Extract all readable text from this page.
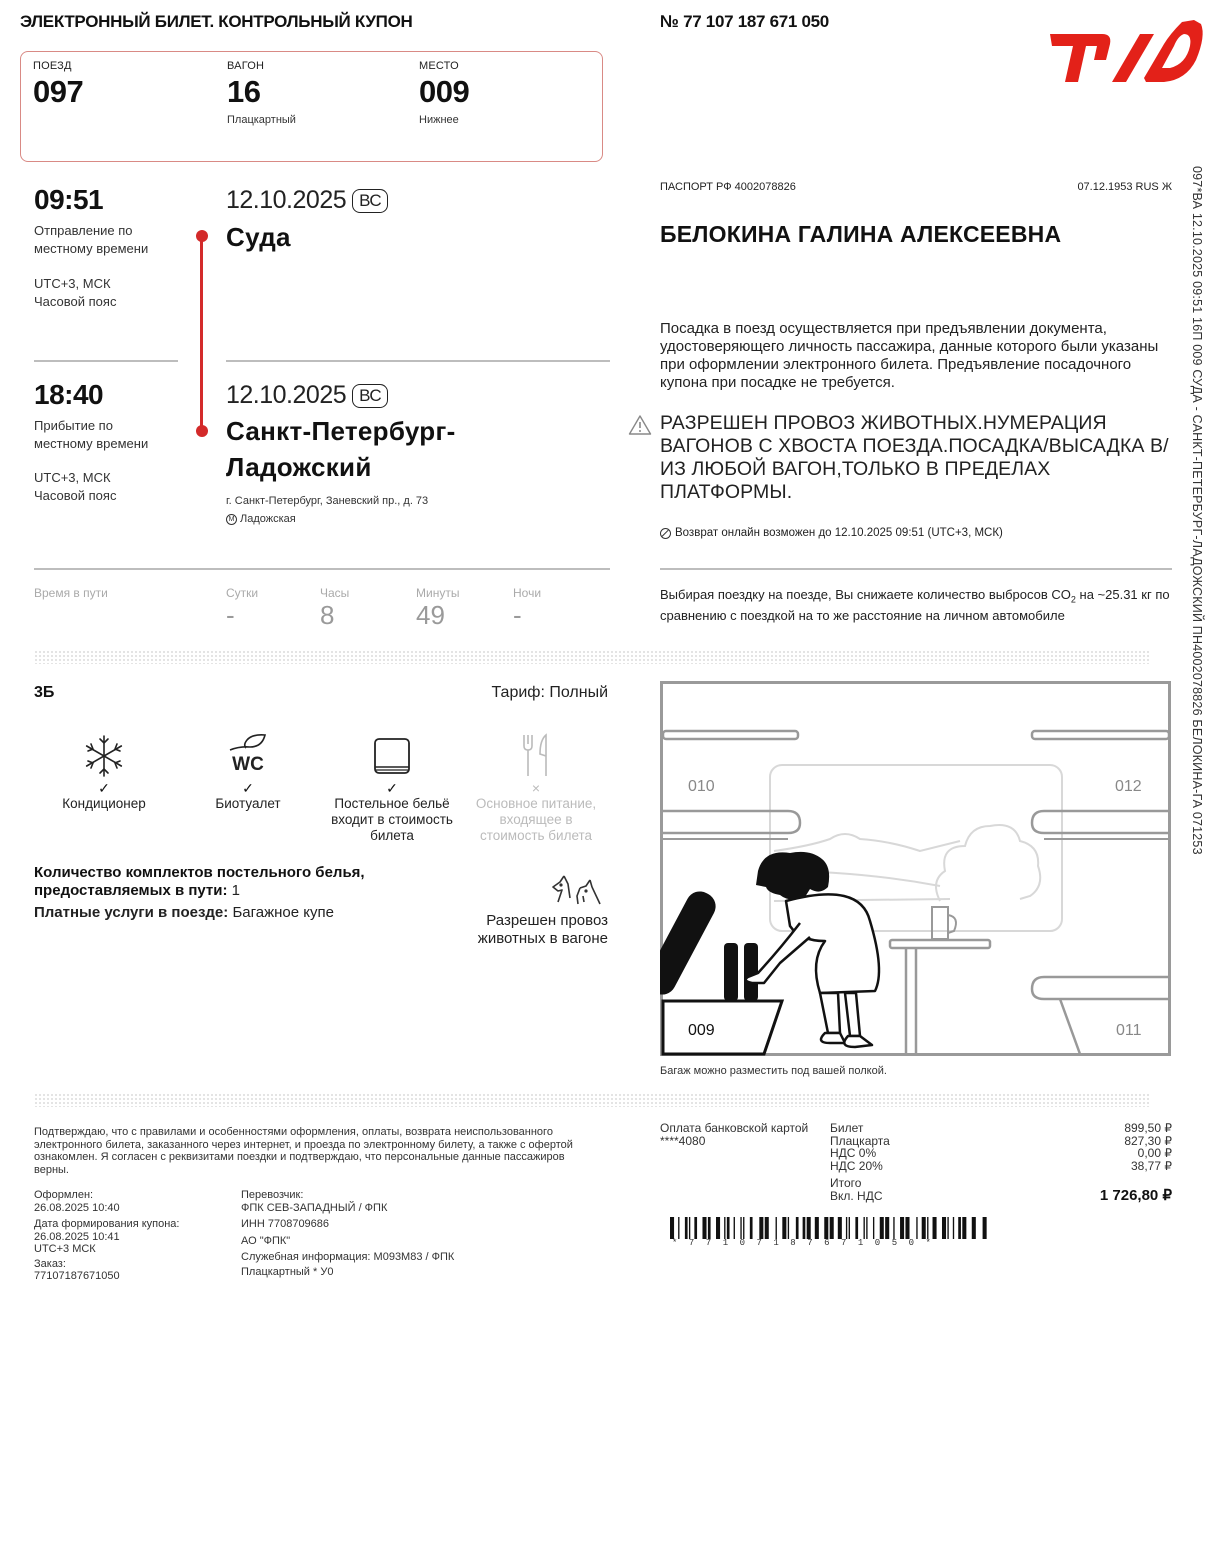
ЭЛЕКТРОННЫЙ БИЛЕТ. КОНТРОЛЬНЫЙ КУПОН	№ 77 107 187 671 050
ПОЕЗД
097
ВАГОН
16
Плацкартный
МЕСТО
009
Нижнее
09:51
Отправление по местному времени
UTC+3, МСК
Часовой пояс
12.10.2025 ВС
Суда
18:40
Прибытие по местному времени
UTC+3, МСК
Часовой пояс
12.10.2025 ВС
Санкт-Петербург-
Ладожский
г. Санкт-Петербург, Заневский пр., д. 73
M Ладожская
Время в пути	Сутки
-
Часы
8
Минуты
49
Ночи
-
ПАСПОРТ РФ 4002078826	07.12.1953 RUS Ж
БЕЛОКИНА ГАЛИНА АЛЕКСЕЕВНА
Посадка в поезд осуществляется при предъявлении документа, удостоверяющего личность пассажира, данные которого были указаны при оформлении электронного билета. Предъявление посадочного купона при посадке не требуется.
РАЗРЕШЕН ПРОВОЗ ЖИВОТНЫХ.НУМЕРАЦИЯ ВАГОНОВ С ХВОСТА ПОЕЗДА.ПОСАДКА/ВЫСАДКА В/ИЗ ЛЮБОЙ ВАГОН,ТОЛЬКО В ПРЕДЕЛАХ ПЛАТФОРМЫ.
Возврат онлайн возможен до 12.10.2025 09:51 (UTC+3, МСК)
Выбирая поездку на поезде, Вы снижаете количество выбросов $CO_2$ на ~25.31 кг по сравнению с поездкой на то же расстояние на личном автомобиле	097*ВА 12.10.2025 09:51 16П 009 СУДА - САНКТ-ПЕТЕРБУРГ-ЛАДОЖСКИЙ ПН4002078826 БЕЛОКИНА-ГА 071253
3Б	Тариф: Полный
✓
Кондиционер
WC
✓
Биотуалет
✓
Постельное бельё входит в стоимость билета
×
Основное питание, входящее в стоимость билета
Количество комплектов постельного белья, предоставляемых в пути: 1
Платные услуги в поезде: Багажное купе	Разрешен провоз животных в вагоне
010	012
009	011
Багаж можно разместить под вашей полкой.
Подтверждаю, что с правилами и особенностями оформления, оплаты, возврата неиспользованного электронного билета, заказанного через интернет, и проезда по электронному билету, а также с офертой ознакомлен. Я согласен с реквизитами поездки и подтверждаю, что персональные данные пассажиров верны.
Оформлен:
26.08.2025 10:40
Дата формирования купона:
26.08.2025 10:41
UTC+3 МСК
Заказ:
77107187671050
Перевозчик:
ФПК СЕВ-ЗАПАДНЫЙ / ФПК
ИНН 7708709686
АО "ФПК"
Служебная информация: М093М83 / ФПК
Плацкартный * У0
Оплата банковской картой
****4080
Билет	899,50 ₽
Плацкарта	827,30 ₽
НДС 0%	0,00 ₽
НДС 20%	38,77 ₽
Итого
Вкл. НДС	1 726,80 ₽
*77107187671050*
